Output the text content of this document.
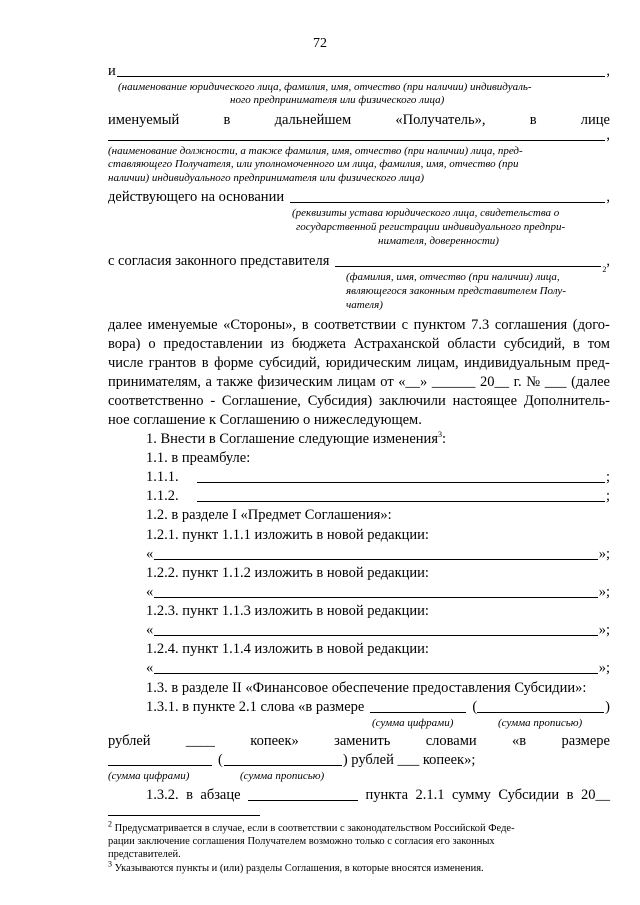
72
и	,
(наименование юридического лица, фамилия, имя, отчество (при наличии) индивидуаль-
ного предпринимателя или физического лица)
именуемый	в	дальнейшем	«Получатель»,	в	лице
,
(наименование должности, а также фамилия, имя, отчество (при наличии) лица, пред-
ставляющего Получателя, или уполномоченного им лица, фамилия, имя, отчество (при
наличии) индивидуального предпринимателя или физического лица)
действующего на основании	,
(реквизиты устава юридического лица, свидетельства о
государственной регистрации индивидуального предпри-
нимателя, доверенности)
с согласия законного представителя
2
,
(фамилия, имя, отчество (при наличии) лица,
являющегося законным представителем Полу-
чателя)
далее именуемые «Стороны», в соответствии с пунктом 7.3 соглашения (дого-
вора) о предоставлении из бюджета Астраханской области субсидий, в том
числе грантов в форме субсидий, юридическим лицам, индивидуальным пред-
принимателям, а также физическим лицам от «__» ______ 20__ г. № ___ (далее
соответственно - Соглашение, Субсидия) заключили настоящее Дополнитель-
ное соглашение к Соглашению о нижеследующем.
1. Внести в Соглашение следующие изменения$^3$:
1.1. в преамбуле:
1.1.1.	;
1.1.2.	;
1.2. в разделе I «Предмет Соглашения»:
1.2.1. пункт 1.1.1 изложить в новой редакции:
«	»;
1.2.2. пункт 1.1.2 изложить в новой редакции:
«	»;
1.2.3. пункт 1.1.3 изложить в новой редакции:
«	»;
1.2.4. пункт 1.1.4 изложить в новой редакции:
«	»;
1.3. в разделе II «Финансовое обеспечение предоставления Субсидии»:
1.3.1. в пункте 2.1 слова «в размере	(	)
(сумма цифрами)	(сумма прописью)
рублей ____ копеек» заменить словами «в размере
(	) рублей ___ копеек»;
(сумма цифрами)	(сумма прописью)
1.3.2. в абзаце	пункта 2.1.1 сумму Субсидии в 20__
$^2$ Предусматривается в случае, если в соответствии с законодательством Российской Феде-
рации заключение соглашения Получателем возможно только с согласия его законных
представителей.
$^3$ Указываются пункты и (или) разделы Соглашения, в которые вносятся изменения.
